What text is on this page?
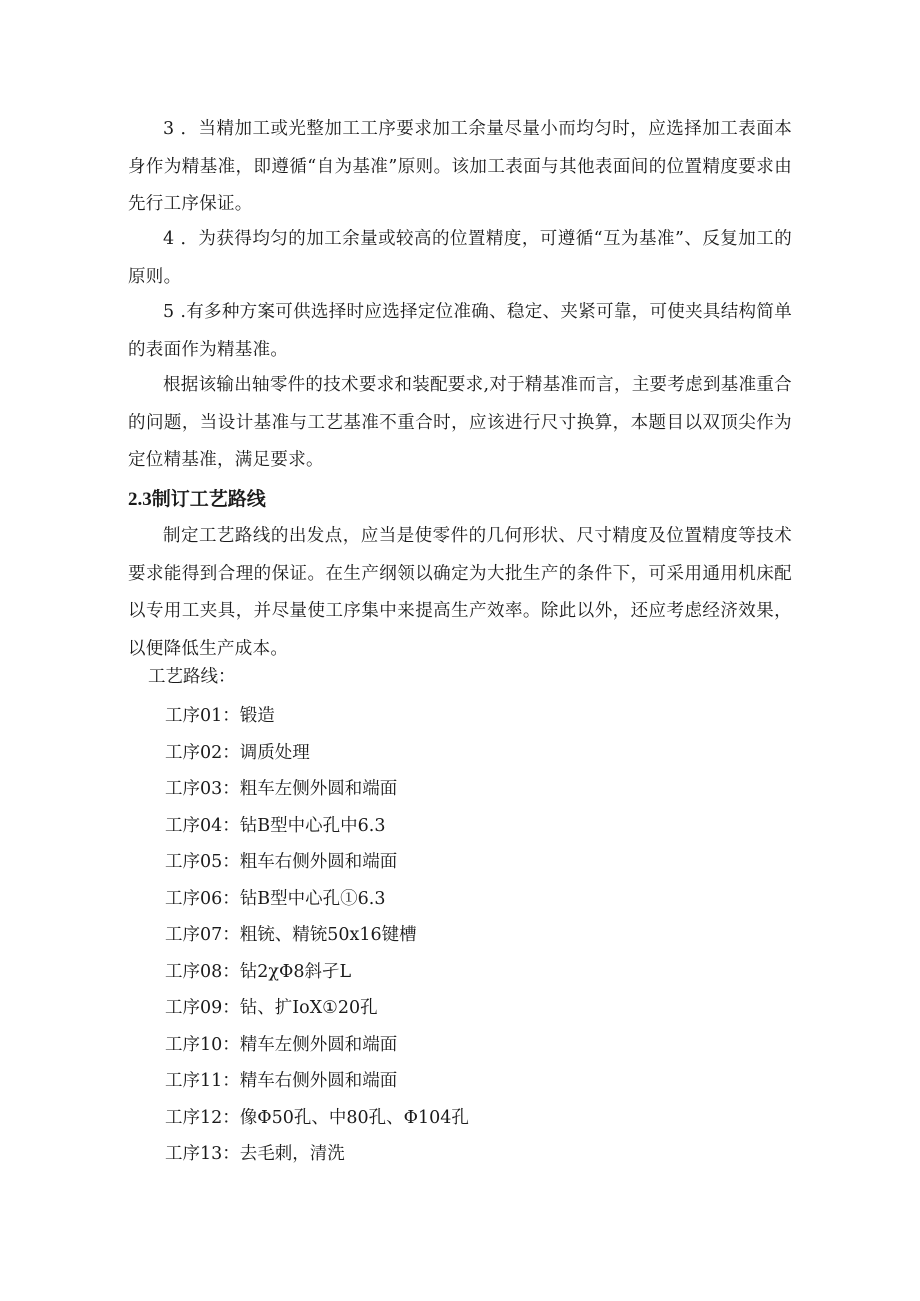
3 ．当精加工或光整加工工序要求加工余量尽量小而均匀时，应选择加工表面本身作为精基准，即遵循“自为基准”原则。该加工表面与其他表面间的位置精度要求由先行工序保证。

4 ．为获得均匀的加工余量或较高的位置精度，可遵循“互为基准”、反复加工的原则。

5 .有多种方案可供选择时应选择定位准确、稳定、夹紧可靠，可使夹具结构简单的表面作为精基准。

根据该输出轴零件的技术要求和装配要求,对于精基准而言，主要考虑到基准重合的问题，当设计基准与工艺基准不重合时，应该进行尺寸换算，本题目以双顶尖作为定位精基准，满足要求。

2.3制订工艺路线

制定工艺路线的出发点，应当是使零件的几何形状、尺寸精度及位置精度等技术要求能得到合理的保证。在生产纲领以确定为大批生产的条件下，可采用通用机床配以专用工夹具，并尽量使工序集中来提高生产效率。除此以外，还应考虑经济效果，以便降低生产成本。

工艺路线：
工序01：锻造
工序02：调质处理
工序03：粗车左侧外圆和端面
工序04：钻B型中心孔中6.3
工序05：粗车右侧外圆和端面
工序06：钻B型中心孔①6.3
工序07：粗铳、精铳50x16键槽
工序08：钻2χΦ8斜孑L
工序09：钻、扩IoX①20孔
工序10：精车左侧外圆和端面
工序11：精车右侧外圆和端面
工序12：像Φ50孔、中80孔、Φ104孔
工序13：去毛刺，清洗
